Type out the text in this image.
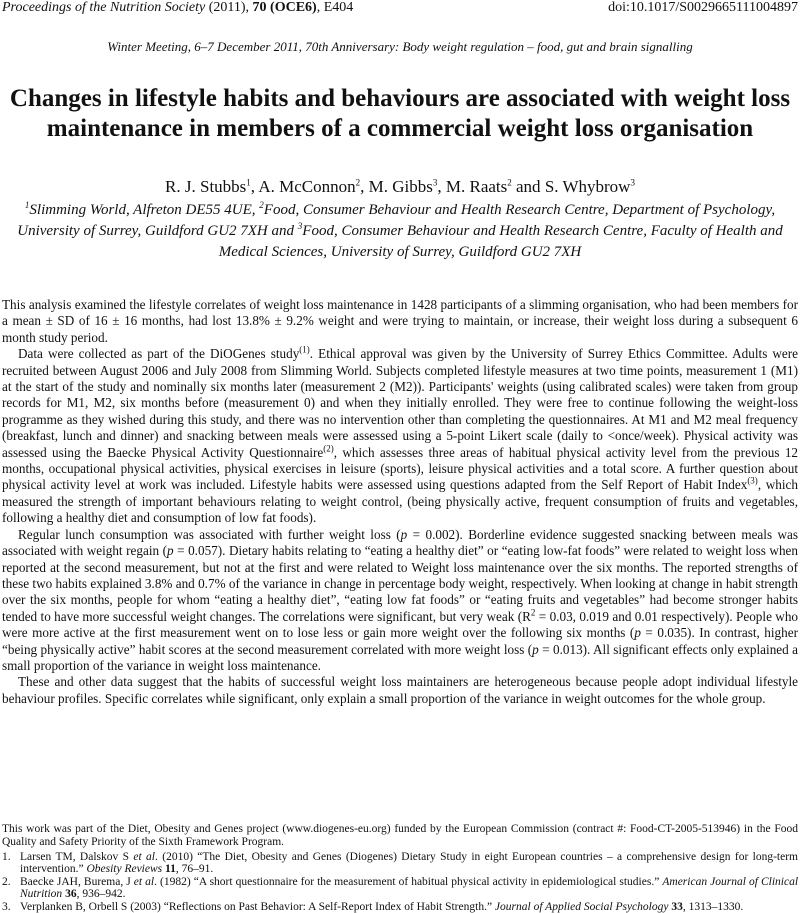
Proceedings of the Nutrition Society (2011), 70 (OCE6), E404	doi:10.1017/S0029665111004897
Winter Meeting, 6–7 December 2011, 70th Anniversary: Body weight regulation – food, gut and brain signalling
Changes in lifestyle habits and behaviours are associated with weight loss maintenance in members of a commercial weight loss organisation
R. J. Stubbs$^1$, A. McConnon$^2$, M. Gibbs$^3$, M. Raats$^2$ and S. Whybrow$^3$
$^1$Slimming World, Alfreton DE55 4UE, $^2$Food, Consumer Behaviour and Health Research Centre, Department of Psychology, University of Surrey, Guildford GU2 7XH and $^3$Food, Consumer Behaviour and Health Research Centre, Faculty of Health and Medical Sciences, University of Surrey, Guildford GU2 7XH

This analysis examined the lifestyle correlates of weight loss maintenance in 1428 participants of a slimming organisation, who had been members for a mean ± SD of 16 ± 16 months, had lost 13.8% ± 9.2% weight and were trying to maintain, or increase, their weight loss during a subsequent 6 month study period.

Data were collected as part of the DiOGenes study$^{(1)}$. Ethical approval was given by the University of Surrey Ethics Committee. Adults were recruited between August 2006 and July 2008 from Slimming World. Subjects completed lifestyle measures at two time points, measurement 1 (M1) at the start of the study and nominally six months later (measurement 2 (M2)). Participants' weights (using calibrated scales) were taken from group records for M1, M2, six months before (measurement 0) and when they initially enrolled. They were free to continue following the weight-loss programme as they wished during this study, and there was no intervention other than completing the questionnaires. At M1 and M2 meal frequency (breakfast, lunch and dinner) and snacking between meals were assessed using a 5-point Likert scale (daily to <once/week). Physical activity was assessed using the Baecke Physical Activity Questionnaire$^{(2)}$, which assesses three areas of habitual physical activity level from the previous 12 months, occupational physical activities, physical exercises in leisure (sports), leisure physical activities and a total score. A further question about physical activity level at work was included. Lifestyle habits were assessed using questions adapted from the Self Report of Habit Index$^{(3)}$, which measured the strength of important behaviours relating to weight control, (being physically active, frequent consumption of fruits and vegetables, following a healthy diet and consumption of low fat foods).

Regular lunch consumption was associated with further weight loss (p = 0.002). Borderline evidence suggested snacking between meals was associated with weight regain (p = 0.057). Dietary habits relating to “eating a healthy diet” or “eating low-fat foods” were related to weight loss when reported at the second measurement, but not at the first and were related to Weight loss maintenance over the six months. The reported strengths of these two habits explained 3.8% and 0.7% of the variance in change in percentage body weight, respectively. When looking at change in habit strength over the six months, people for whom “eating a healthy diet”, “eating low fat foods” or “eating fruits and vegetables” had become stronger habits tended to have more successful weight changes. The correlations were significant, but very weak ($R^2 = 0.03$, 0.019 and 0.01 respectively). People who were more active at the first measurement went on to lose less or gain more weight over the following six months (p = 0.035). In contrast, higher “being physically active” habit scores at the second measurement correlated with more weight loss (p = 0.013). All significant effects only explained a small proportion of the variance in weight loss maintenance.

These and other data suggest that the habits of successful weight loss maintainers are heterogeneous because people adopt individual lifestyle behaviour profiles. Specific correlates while significant, only explain a small proportion of the variance in weight outcomes for the whole group.

This work was part of the Diet, Obesity and Genes project (www.diogenes-eu.org) funded by the European Commission (contract #: Food-CT-2005-513946) in the Food Quality and Safety Priority of the Sixth Framework Program.
1. Larsen TM, Dalskov S et al. (2010) “The Diet, Obesity and Genes (Diogenes) Dietary Study in eight European countries – a comprehensive design for long-term intervention.” Obesity Reviews 11, 76–91.
2. Baecke JAH, Burema, J et al. (1982) “A short questionnaire for the measurement of habitual physical activity in epidemiological studies.” American Journal of Clinical Nutrition 36, 936–942.
3. Verplanken B, Orbell S (2003) “Reflections on Past Behavior: A Self-Report Index of Habit Strength.” Journal of Applied Social Psychology 33, 1313–1330.
